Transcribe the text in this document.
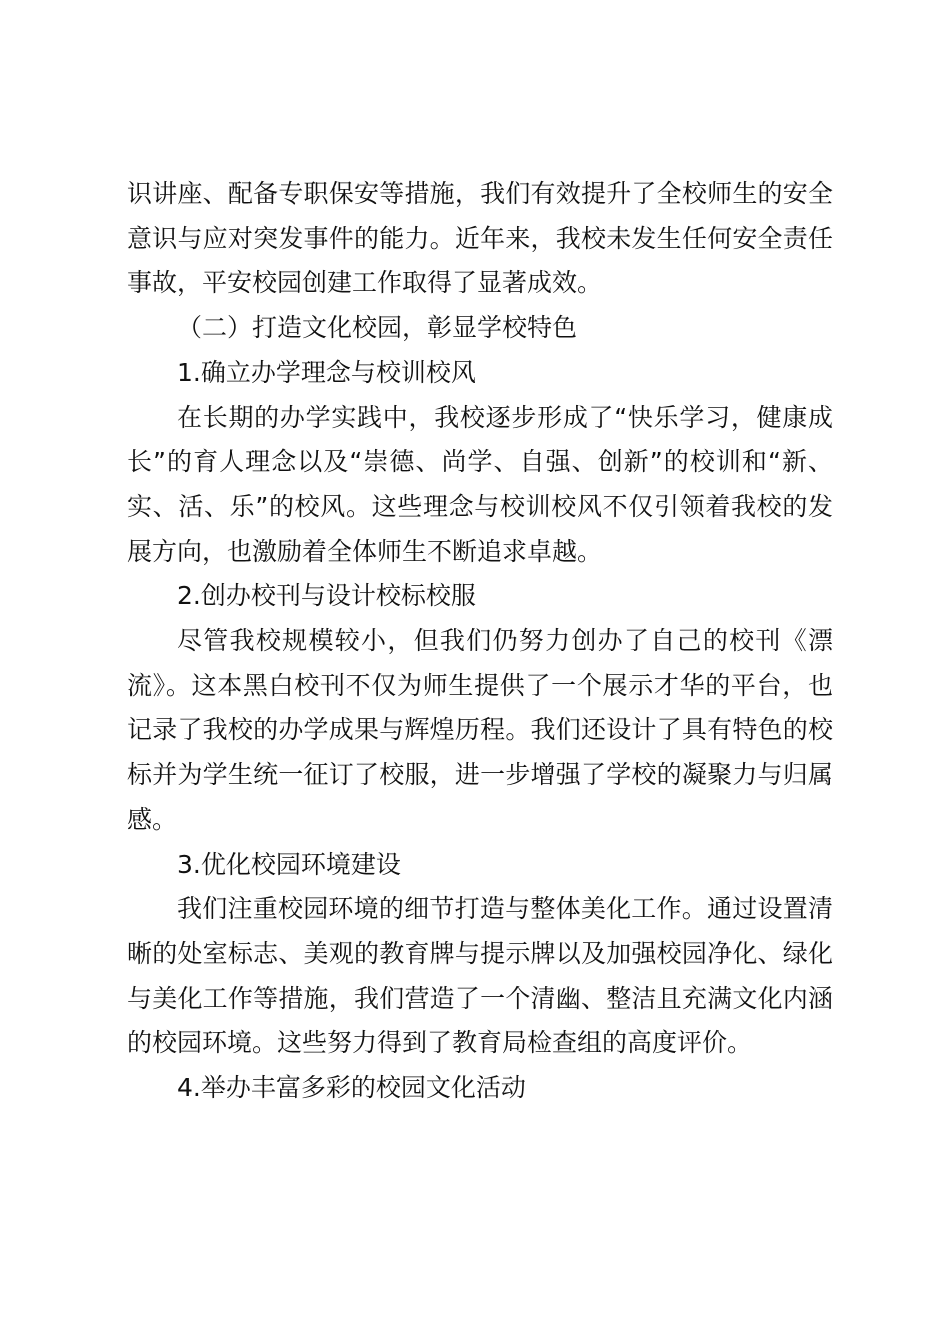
识讲座、配备专职保安等措施，我们有效提升了全校师生的安全意识与应对突发事件的能力。近年来，我校未发生任何安全责任事故，平安校园创建工作取得了显著成效。

（二）打造文化校园，彰显学校特色

1.确立办学理念与校训校风

在长期的办学实践中，我校逐步形成了“快乐学习，健康成长”的育人理念以及“崇德、尚学、自强、创新”的校训和“新、实、活、乐”的校风。这些理念与校训校风不仅引领着我校的发展方向，也激励着全体师生不断追求卓越。

2.创办校刊与设计校标校服

尽管我校规模较小，但我们仍努力创办了自己的校刊《漂流》。这本黑白校刊不仅为师生提供了一个展示才华的平台，也记录了我校的办学成果与辉煌历程。我们还设计了具有特色的校标并为学生统一征订了校服，进一步增强了学校的凝聚力与归属感。

3.优化校园环境建设

我们注重校园环境的细节打造与整体美化工作。通过设置清晰的处室标志、美观的教育牌与提示牌以及加强校园净化、绿化与美化工作等措施，我们营造了一个清幽、整洁且充满文化内涵的校园环境。这些努力得到了教育局检查组的高度评价。

4.举办丰富多彩的校园文化活动
